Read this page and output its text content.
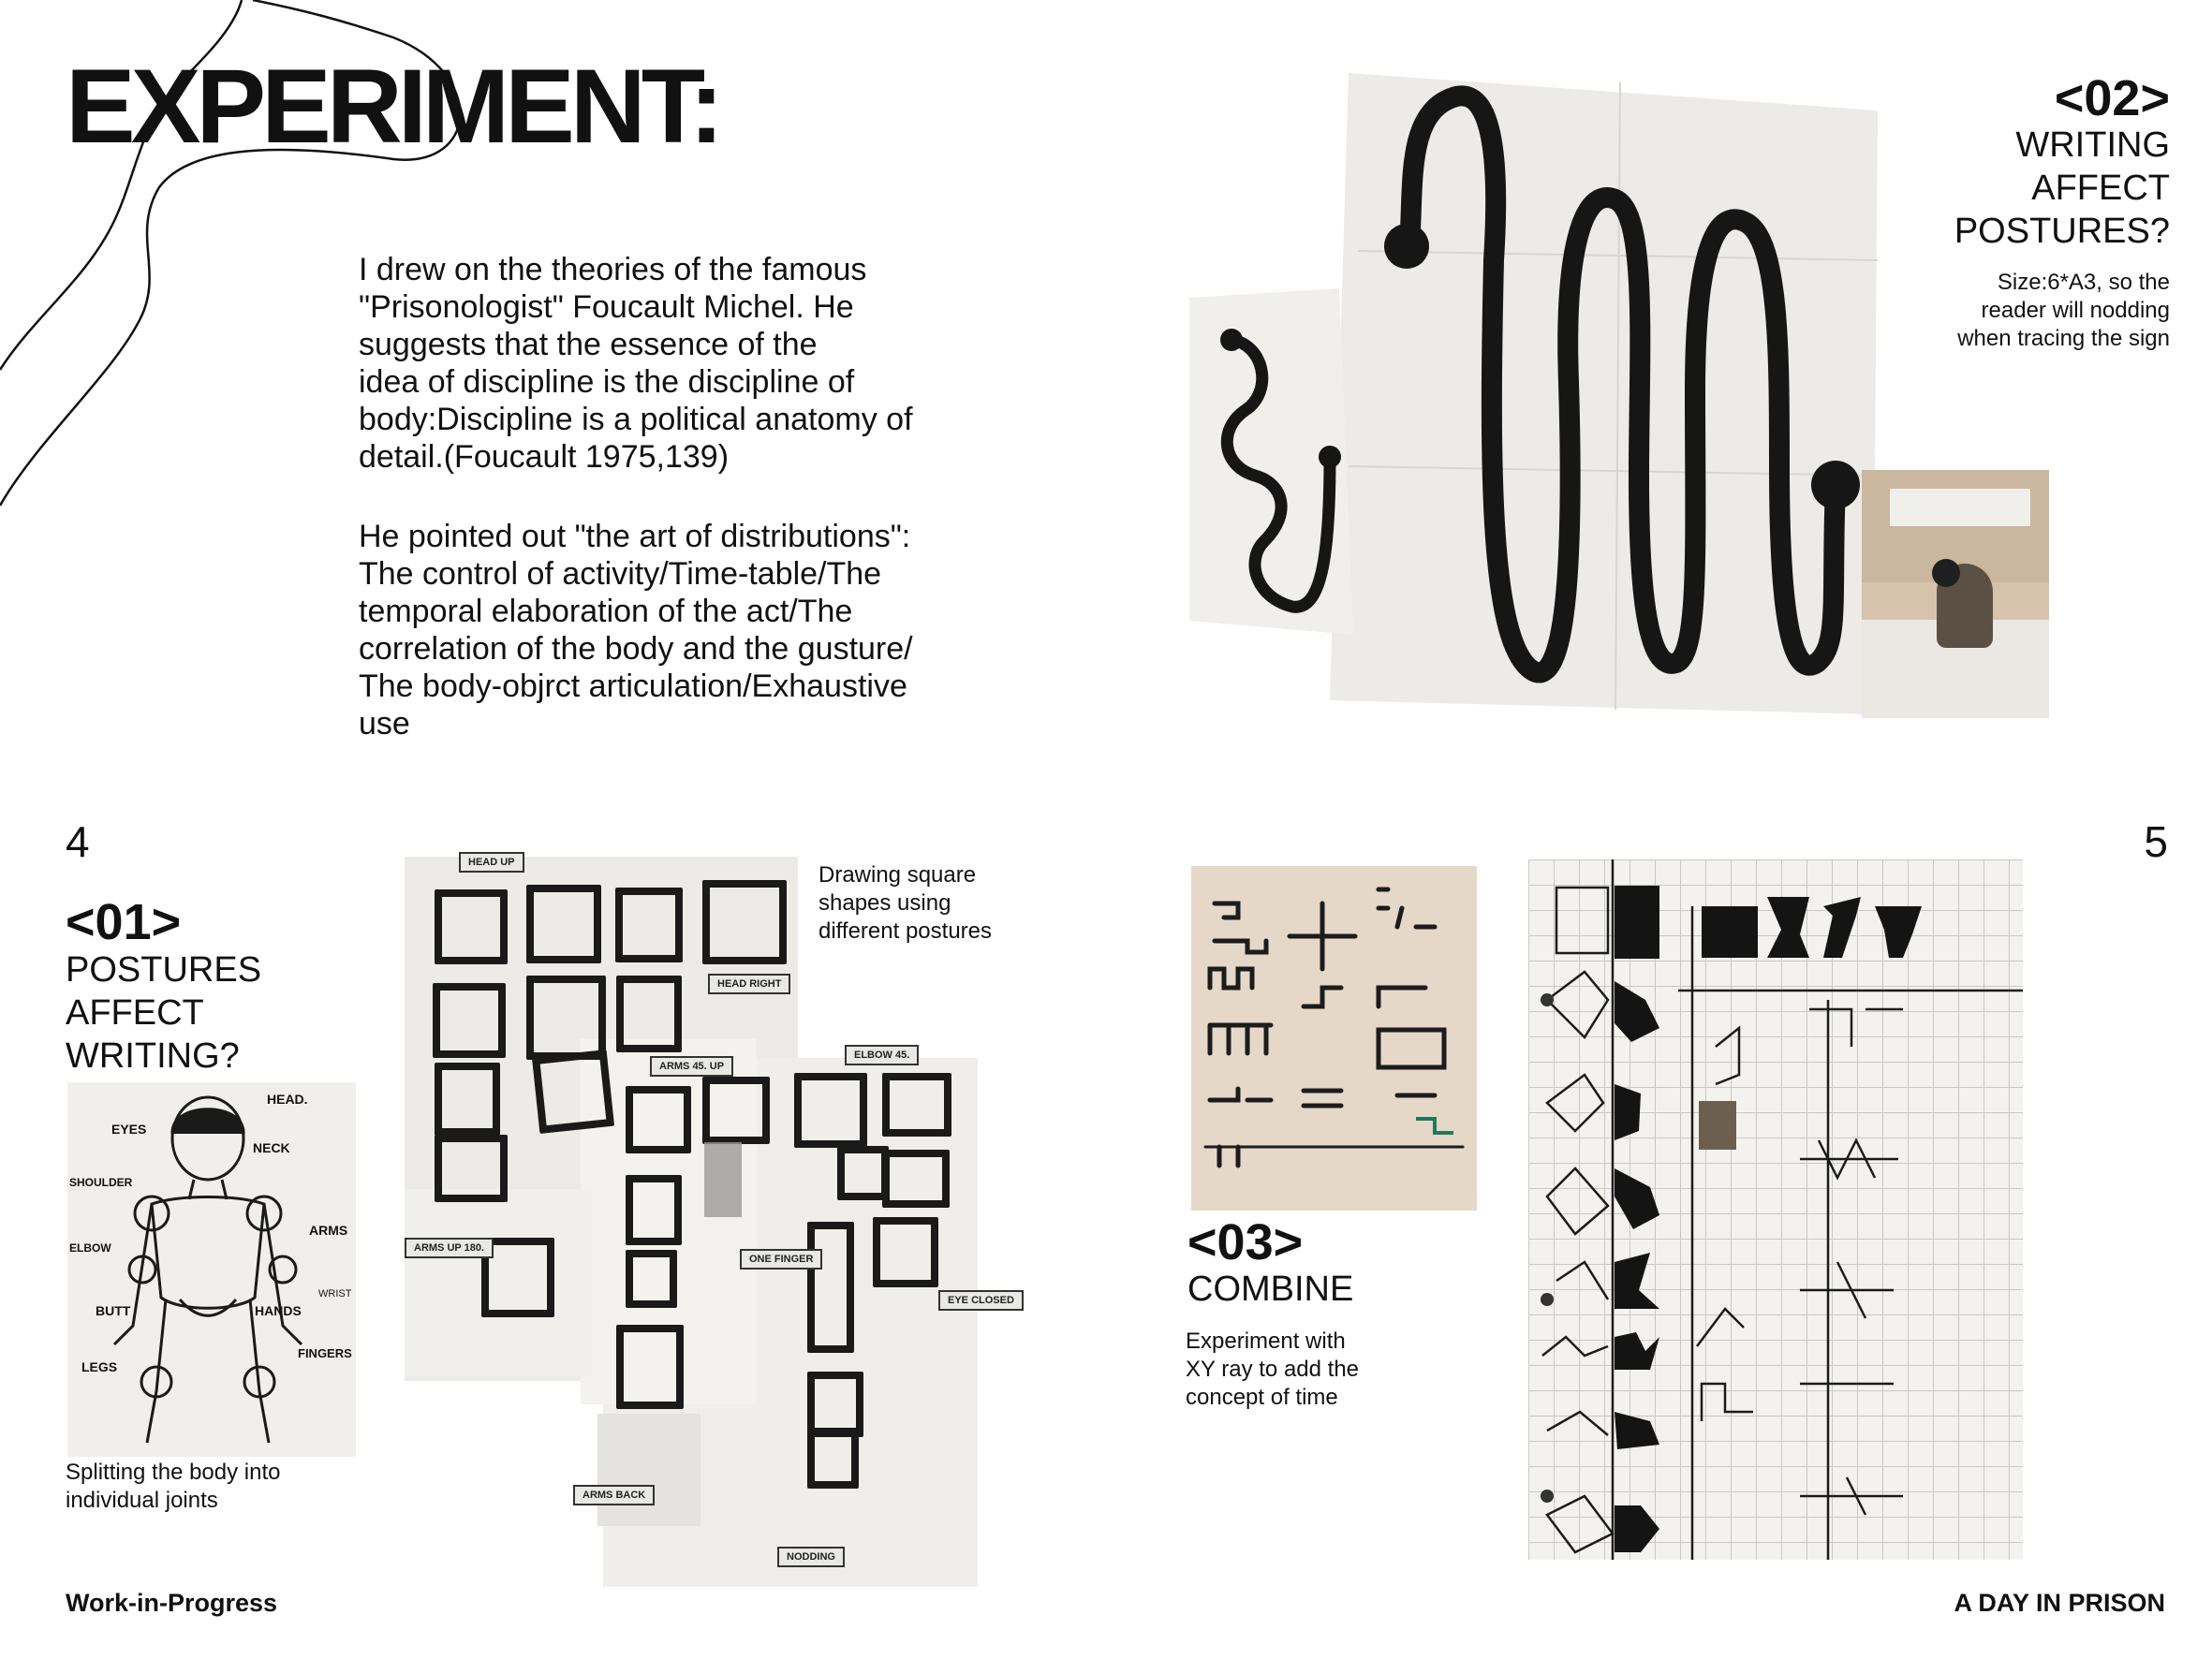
EXPERIMENT:
I drew on the theories of the famous
"Prisonologist" Foucault Michel. He
suggests that the essence of the
idea of discipline is the discipline of
body:Discipline is a political anatomy of
detail.(Foucault 1975,139)
He pointed out "the art of distributions":
The control of activity/Time-table/The
temporal elaboration of the act/The
correlation of the body and the gusture/
The body-objrct articulation/Exhaustive
use
<02>
WRITING
AFFECT
POSTURES?
Size:6*A3, so the
reader will nodding
when tracing the sign
4	5
<01>
POSTURES
AFFECT
WRITING?
HEAD.
EYES
NECK
SHOULDER
ARMS
ELBOW
WRIST
BUTT	HANDS
FINGERS
LEGS
Splitting the body into
individual joints
HEAD UP
HEAD RIGHT
ARMS 45. UP
ELBOW 45.
ARMS UP 180.
ONE FINGER
EYE CLOSED
ARMS BACK
NODDING
Drawing square
shapes using
different postures
<03>
COMBINE
Experiment with
XY ray to add the
concept of time
Work-in-Progress	A DAY IN PRISON
